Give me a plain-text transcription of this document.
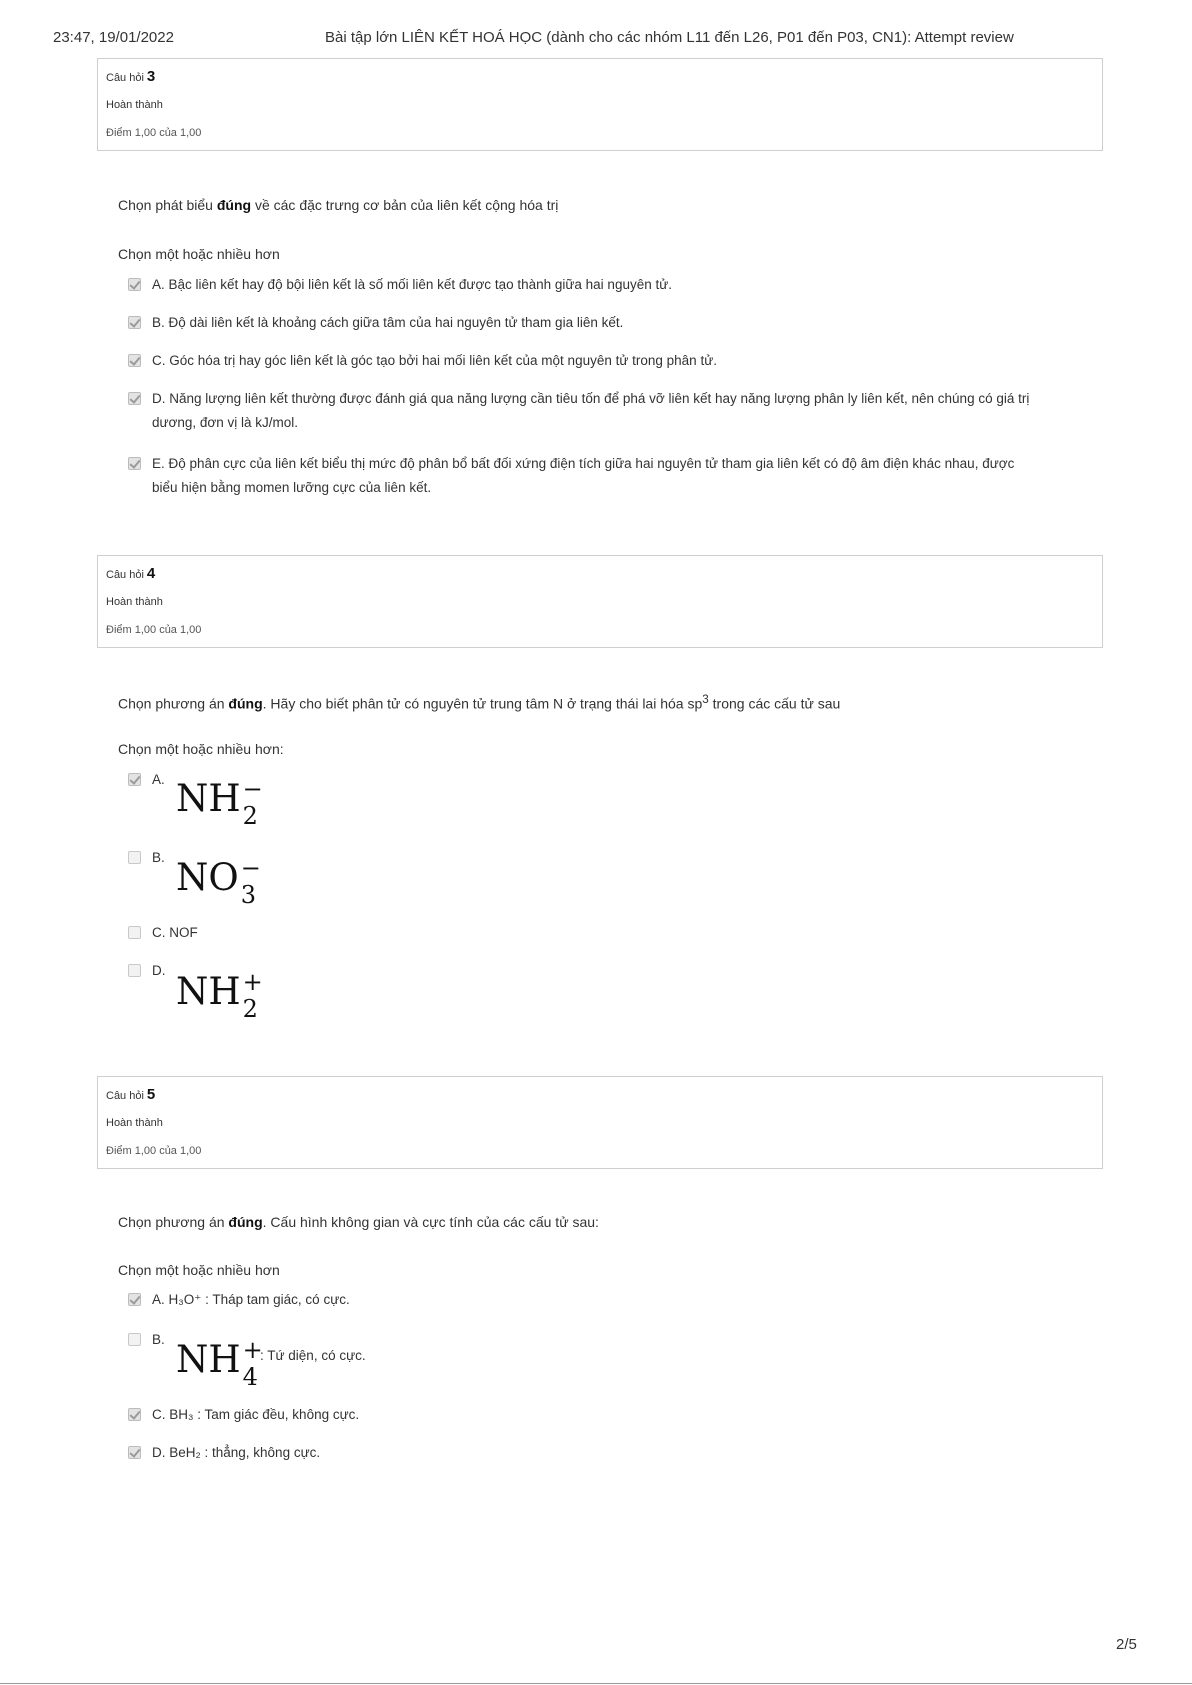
23:47, 19/01/2022	Bài tập lớn LIÊN KẾT HOÁ HỌC (dành cho các nhóm L11 đến L26, P01 đến P03, CN1): Attempt review
Câu hỏi 3
Hoàn thành
Điểm 1,00 của 1,00
Chọn phát biểu đúng về các đặc trưng cơ bản của liên kết cộng hóa trị
Chọn một hoặc nhiều hơn
A. Bậc liên kết hay độ bội liên kết là số mối liên kết được tạo thành giữa hai nguyên tử.
B. Độ dài liên kết là khoảng cách giữa tâm của hai nguyên tử tham gia liên kết.
C. Góc hóa trị hay góc liên kết là góc tạo bởi hai mối liên kết của một nguyên tử trong phân tử.
D. Năng lượng liên kết thường được đánh giá qua năng lượng cần tiêu tốn để phá vỡ liên kết hay năng lượng phân ly liên kết, nên chúng có giá trị dương, đơn vị là kJ/mol.
E. Độ phân cực của liên kết biểu thị mức độ phân bổ bất đối xứng điện tích giữa hai nguyên tử tham gia liên kết có độ âm điện khác nhau, được biểu hiện bằng momen lưỡng cực của liên kết.
Câu hỏi 4
Hoàn thành
Điểm 1,00 của 1,00
Chọn phương án đúng. Hãy cho biết phân tử có nguyên tử trung tâm N ở trạng thái lai hóa $sp^3$ trong các cấu tử sau
Chọn một hoặc nhiều hơn:
A. NH −
2
B. NO −
3
C. NOF
D. NH +
2
Câu hỏi 5
Hoàn thành
Điểm 1,00 của 1,00
Chọn phương án đúng. Cấu hình không gian và cực tính của các cấu tử sau:
Chọn một hoặc nhiều hơn
A. H₃O⁺ : Tháp tam giác, có cực.
B. NH +
4
: Tứ diện, có cực.
C. BH₃ : Tam giác đều, không cực.
D. BeH₂ : thẳng, không cực.
2/5
